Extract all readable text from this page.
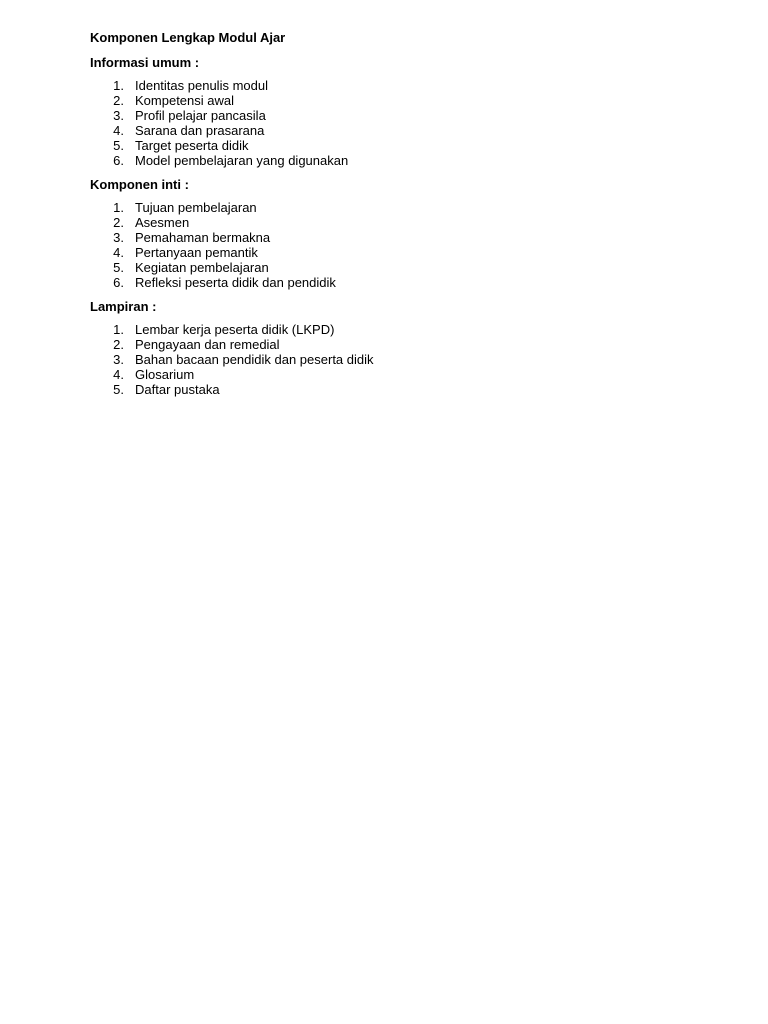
Komponen Lengkap Modul Ajar
Informasi umum :
1. Identitas penulis modul
2. Kompetensi awal
3. Profil pelajar pancasila
4. Sarana dan prasarana
5. Target peserta didik
6. Model pembelajaran yang digunakan
Komponen inti :
1. Tujuan pembelajaran
2. Asesmen
3. Pemahaman bermakna
4. Pertanyaan pemantik
5. Kegiatan pembelajaran
6. Refleksi peserta didik dan pendidik
Lampiran :
1. Lembar kerja peserta didik (LKPD)
2. Pengayaan dan remedial
3. Bahan bacaan pendidik dan peserta didik
4. Glosarium
5. Daftar pustaka
